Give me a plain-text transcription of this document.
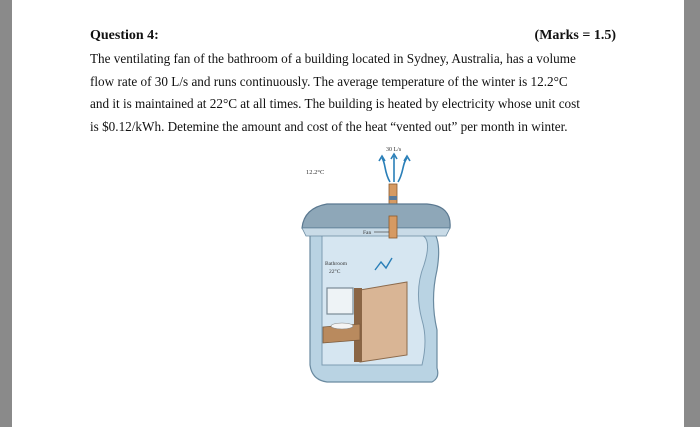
Question 4:	(Marks = 1.5)
The ventilating fan of the bathroom of a building located in Sydney, Australia, has a volume
flow rate of 30 L/s and runs continuously. The average temperature of the winter is 12.2°C
and it is maintained at 22°C at all times. The building is heated by electricity whose unit cost
is $0.12/kWh. Detemine the amount and cost of the heat “vented out” per month in winter.
30 L/s
12.2°C
Fan
Bathroom
22°C
